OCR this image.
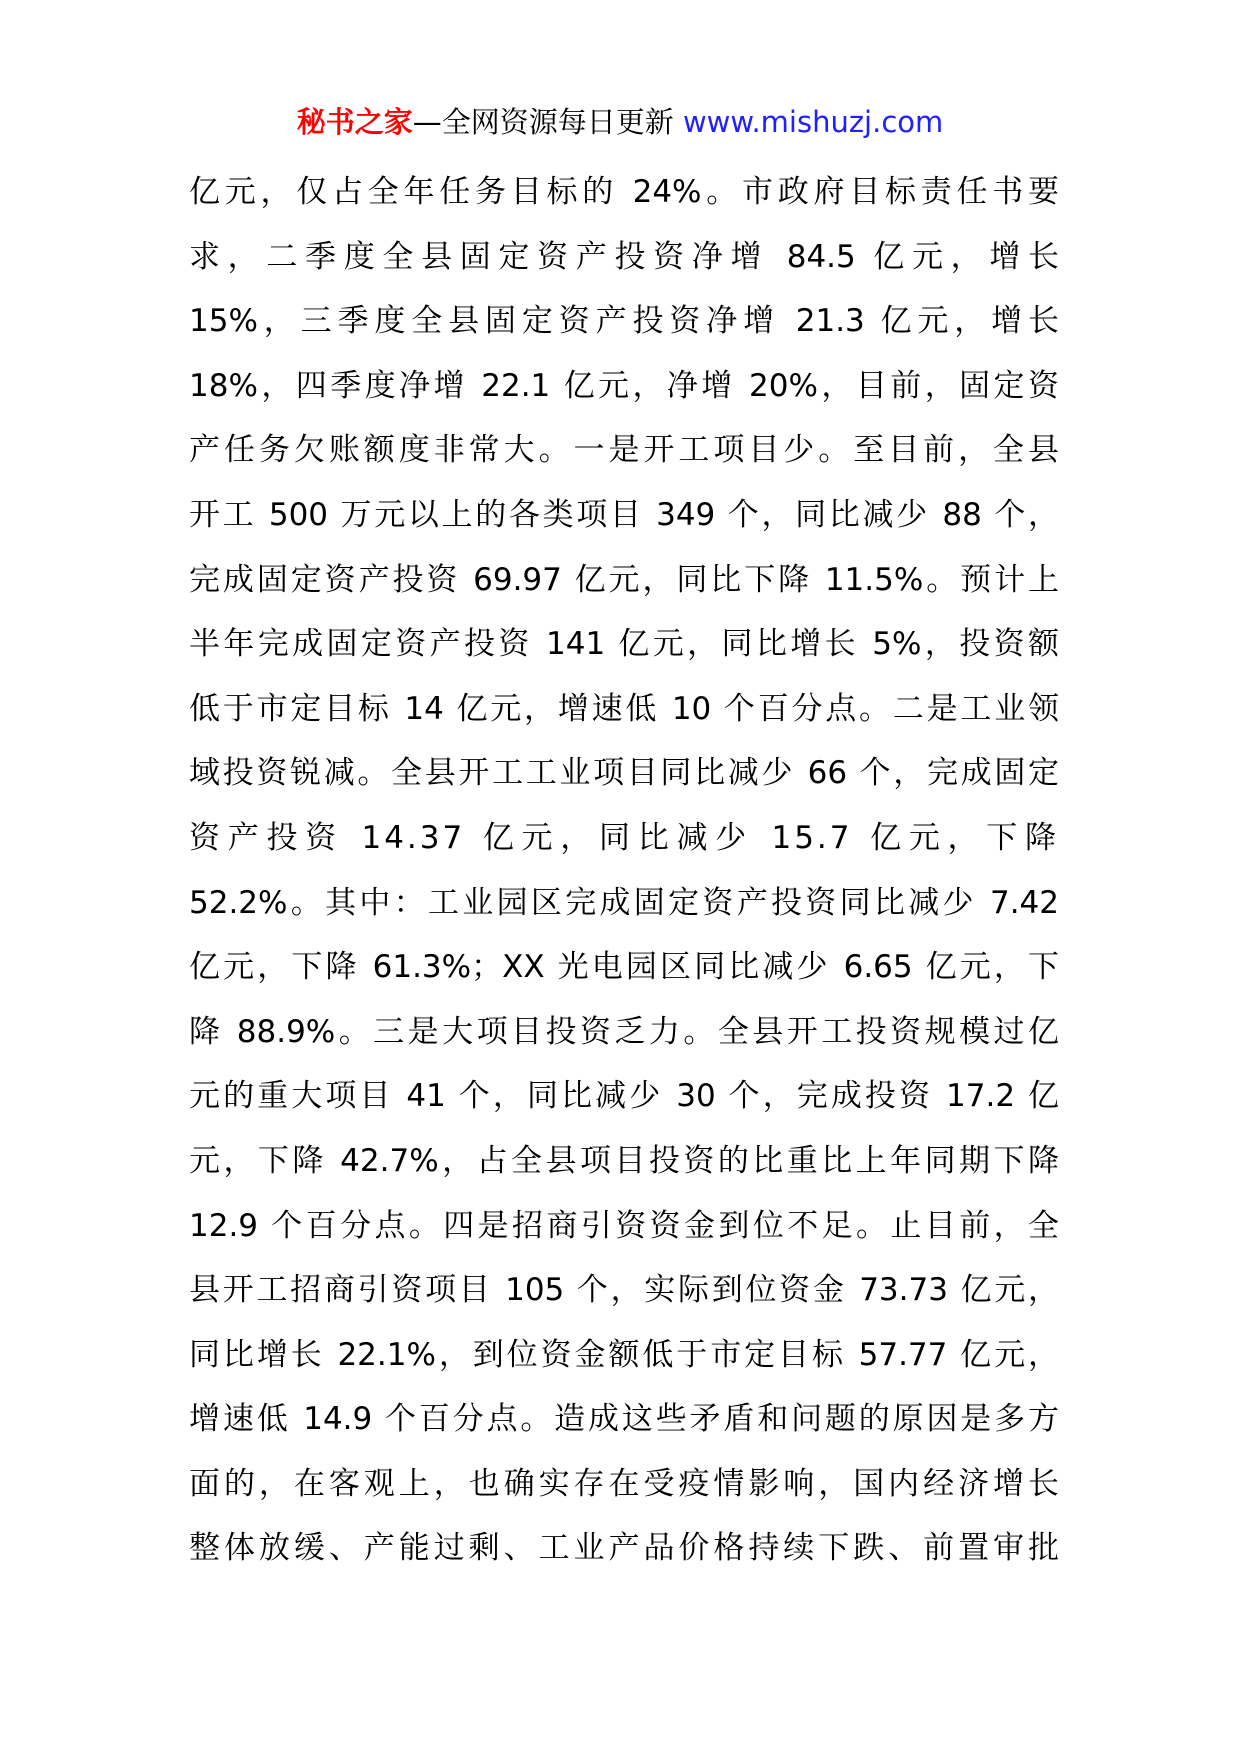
秘书之家—全网资源每日更新 www.mishuzj.com
亿元，仅占全年任务目标的 24%。市政府目标责任书要
求，二季度全县固定资产投资净增 84.5 亿元，增长
15%，三季度全县固定资产投资净增 21.3 亿元，增长
18%，四季度净增 22.1 亿元，净增 20%，目前，固定资
产任务欠账额度非常大。一是开工项目少。至目前，全县
开工 500 万元以上的各类项目 349 个，同比减少 88 个，
完成固定资产投资 69.97 亿元，同比下降 11.5%。预计上
半年完成固定资产投资 141 亿元，同比增长 5%，投资额
低于市定目标 14 亿元，增速低 10 个百分点。二是工业领
域投资锐减。全县开工工业项目同比减少 66 个，完成固定
资产投资 14.37 亿元，同比减少 15.7 亿元，下降
52.2%。其中：工业园区完成固定资产投资同比减少 7.42
亿元，下降 61.3%；XX 光电园区同比减少 6.65 亿元，下
降 88.9%。三是大项目投资乏力。全县开工投资规模过亿
元的重大项目 41 个，同比减少 30 个，完成投资 17.2 亿
元，下降 42.7%，占全县项目投资的比重比上年同期下降
12.9 个百分点。四是招商引资资金到位不足。止目前，全
县开工招商引资项目 105 个，实际到位资金 73.73 亿元，
同比增长 22.1%，到位资金额低于市定目标 57.77 亿元，
增速低 14.9 个百分点。造成这些矛盾和问题的原因是多方
面的，在客观上，也确实存在受疫情影响，国内经济增长
整体放缓、产能过剩、工业产品价格持续下跌、前置审批
